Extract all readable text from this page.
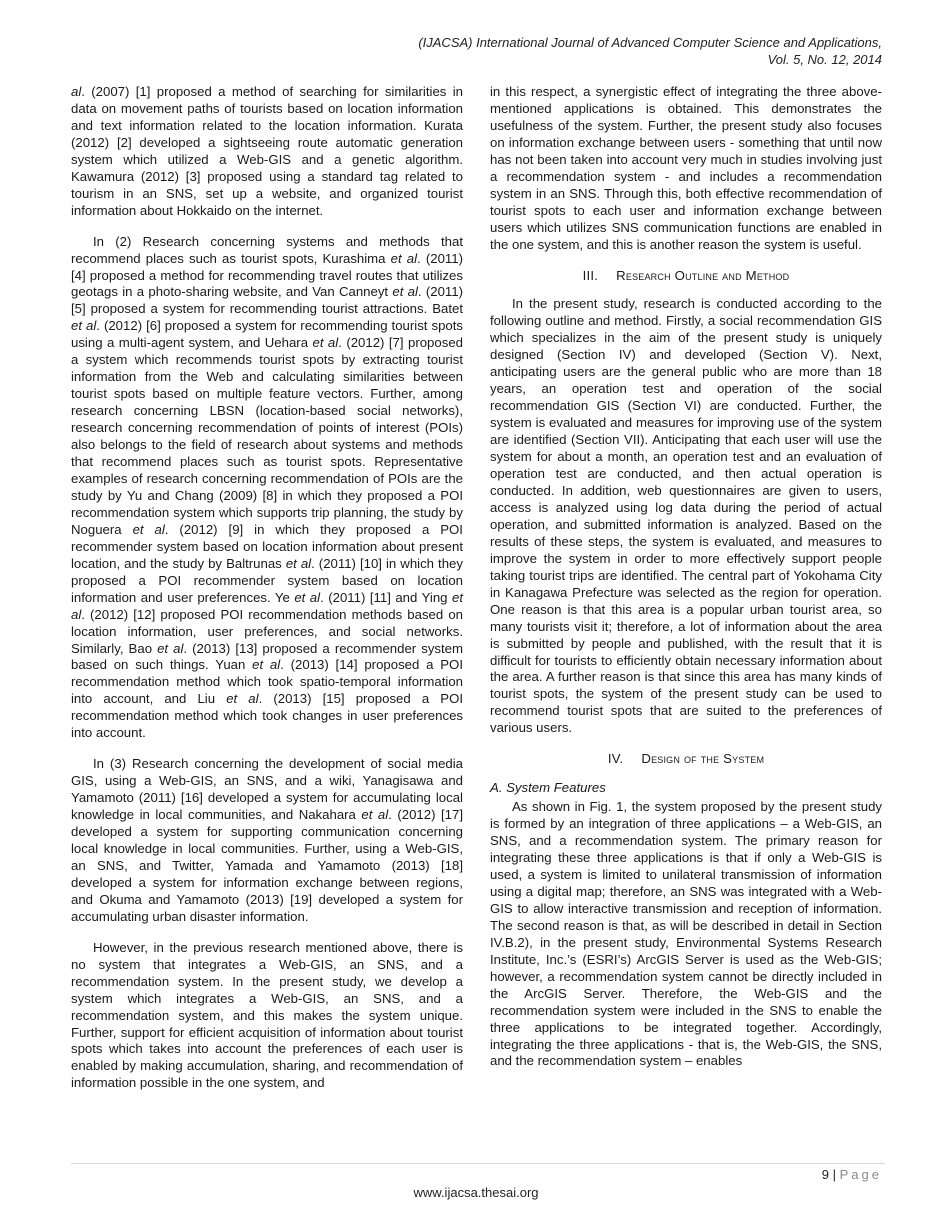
(IJACSA) International Journal of Advanced Computer Science and Applications,
Vol. 5, No. 12, 2014

al. (2007) [1] proposed a method of searching for similarities in data on movement paths of tourists based on location information and text information related to the location information. Kurata (2012) [2] developed a sightseeing route automatic generation system which utilized a Web-GIS and a genetic algorithm. Kawamura (2012) [3] proposed using a standard tag related to tourism in an SNS, set up a website, and organized tourist information about Hokkaido on the internet.

In (2) Research concerning systems and methods that recommend places such as tourist spots, Kurashima et al. (2011) [4] proposed a method for recommending travel routes that utilizes geotags in a photo-sharing website, and Van Canneyt et al. (2011) [5] proposed a system for recommending tourist attractions. Batet et al. (2012) [6] proposed a system for recommending tourist spots using a multi-agent system, and Uehara et al. (2012) [7] proposed a system which recommends tourist spots by extracting tourist information from the Web and calculating similarities between tourist spots based on multiple feature vectors. Further, among research concerning LBSN (location-based social networks), research concerning recommendation of points of interest (POIs) also belongs to the field of research about systems and methods that recommend places such as tourist spots. Representative examples of research concerning recommendation of POIs are the study by Yu and Chang (2009) [8] in which they proposed a POI recommendation system which supports trip planning, the study by Noguera et al. (2012) [9] in which they proposed a POI recommender system based on location information about present location, and the study by Baltrunas et al. (2011) [10] in which they proposed a POI recommender system based on location information and user preferences. Ye et al. (2011) [11] and Ying et al. (2012) [12] proposed POI recommendation methods based on location information, user preferences, and social networks. Similarly, Bao et al. (2013) [13] proposed a recommender system based on such things. Yuan et al. (2013) [14] proposed a POI recommendation method which took spatio-temporal information into account, and Liu et al. (2013) [15] proposed a POI recommendation method which took changes in user preferences into account.

In (3) Research concerning the development of social media GIS, using a Web-GIS, an SNS, and a wiki, Yanagisawa and Yamamoto (2011) [16] developed a system for accumulating local knowledge in local communities, and Nakahara et al. (2012) [17] developed a system for supporting communication concerning local knowledge in local communities. Further, using a Web-GIS, an SNS, and Twitter, Yamada and Yamamoto (2013) [18] developed a system for information exchange between regions, and Okuma and Yamamoto (2013) [19] developed a system for accumulating urban disaster information.

However, in the previous research mentioned above, there is no system that integrates a Web-GIS, an SNS, and a recommendation system. In the present study, we develop a system which integrates a Web-GIS, an SNS, and a recommendation system, and this makes the system unique. Further, support for efficient acquisition of information about tourist spots which takes into account the preferences of each user is enabled by making accumulation, sharing, and recommendation of information possible in the one system, and

in this respect, a synergistic effect of integrating the three above-mentioned applications is obtained. This demonstrates the usefulness of the system. Further, the present study also focuses on information exchange between users - something that until now has not been taken into account very much in studies involving just a recommendation system - and includes a recommendation system in an SNS. Through this, both effective recommendation of tourist spots to each user and information exchange between users which utilizes SNS communication functions are enabled in the one system, and this is another reason the system is useful.

III. Research Outline and Method

In the present study, research is conducted according to the following outline and method. Firstly, a social recommendation GIS which specializes in the aim of the present study is uniquely designed (Section IV) and developed (Section V). Next, anticipating users are the general public who are more than 18 years, an operation test and operation of the social recommendation GIS (Section VI) are conducted. Further, the system is evaluated and measures for improving use of the system are identified (Section VII). Anticipating that each user will use the system for about a month, an operation test and an evaluation of operation test are conducted, and then actual operation is conducted. In addition, web questionnaires are given to users, access is analyzed using log data during the period of actual operation, and submitted information is analyzed. Based on the results of these steps, the system is evaluated, and measures to improve the system in order to more effectively support people taking tourist trips are identified. The central part of Yokohama City in Kanagawa Prefecture was selected as the region for operation. One reason is that this area is a popular urban tourist area, so many tourists visit it; therefore, a lot of information about the area is submitted by people and published, with the result that it is difficult for tourists to efficiently obtain necessary information about the area. A further reason is that since this area has many kinds of tourist spots, the system of the present study can be used to recommend tourist spots that are suited to the preferences of various users.

IV. Design of the System
A. System Features

As shown in Fig. 1, the system proposed by the present study is formed by an integration of three applications – a Web-GIS, an SNS, and a recommendation system. The primary reason for integrating these three applications is that if only a Web-GIS is used, a system is limited to unilateral transmission of information using a digital map; therefore, an SNS was integrated with a Web-GIS to allow interactive transmission and reception of information. The second reason is that, as will be described in detail in Section IV.B.2), in the present study, Environmental Systems Research Institute, Inc.’s (ESRI’s) ArcGIS Server is used as the Web-GIS; however, a recommendation system cannot be directly included in the ArcGIS Server. Therefore, the Web-GIS and the recommendation system were included in the SNS to enable the three applications to be integrated together. Accordingly, integrating the three applications - that is, the Web-GIS, the SNS, and the recommendation system – enables

9 | Page
www.ijacsa.thesai.org
